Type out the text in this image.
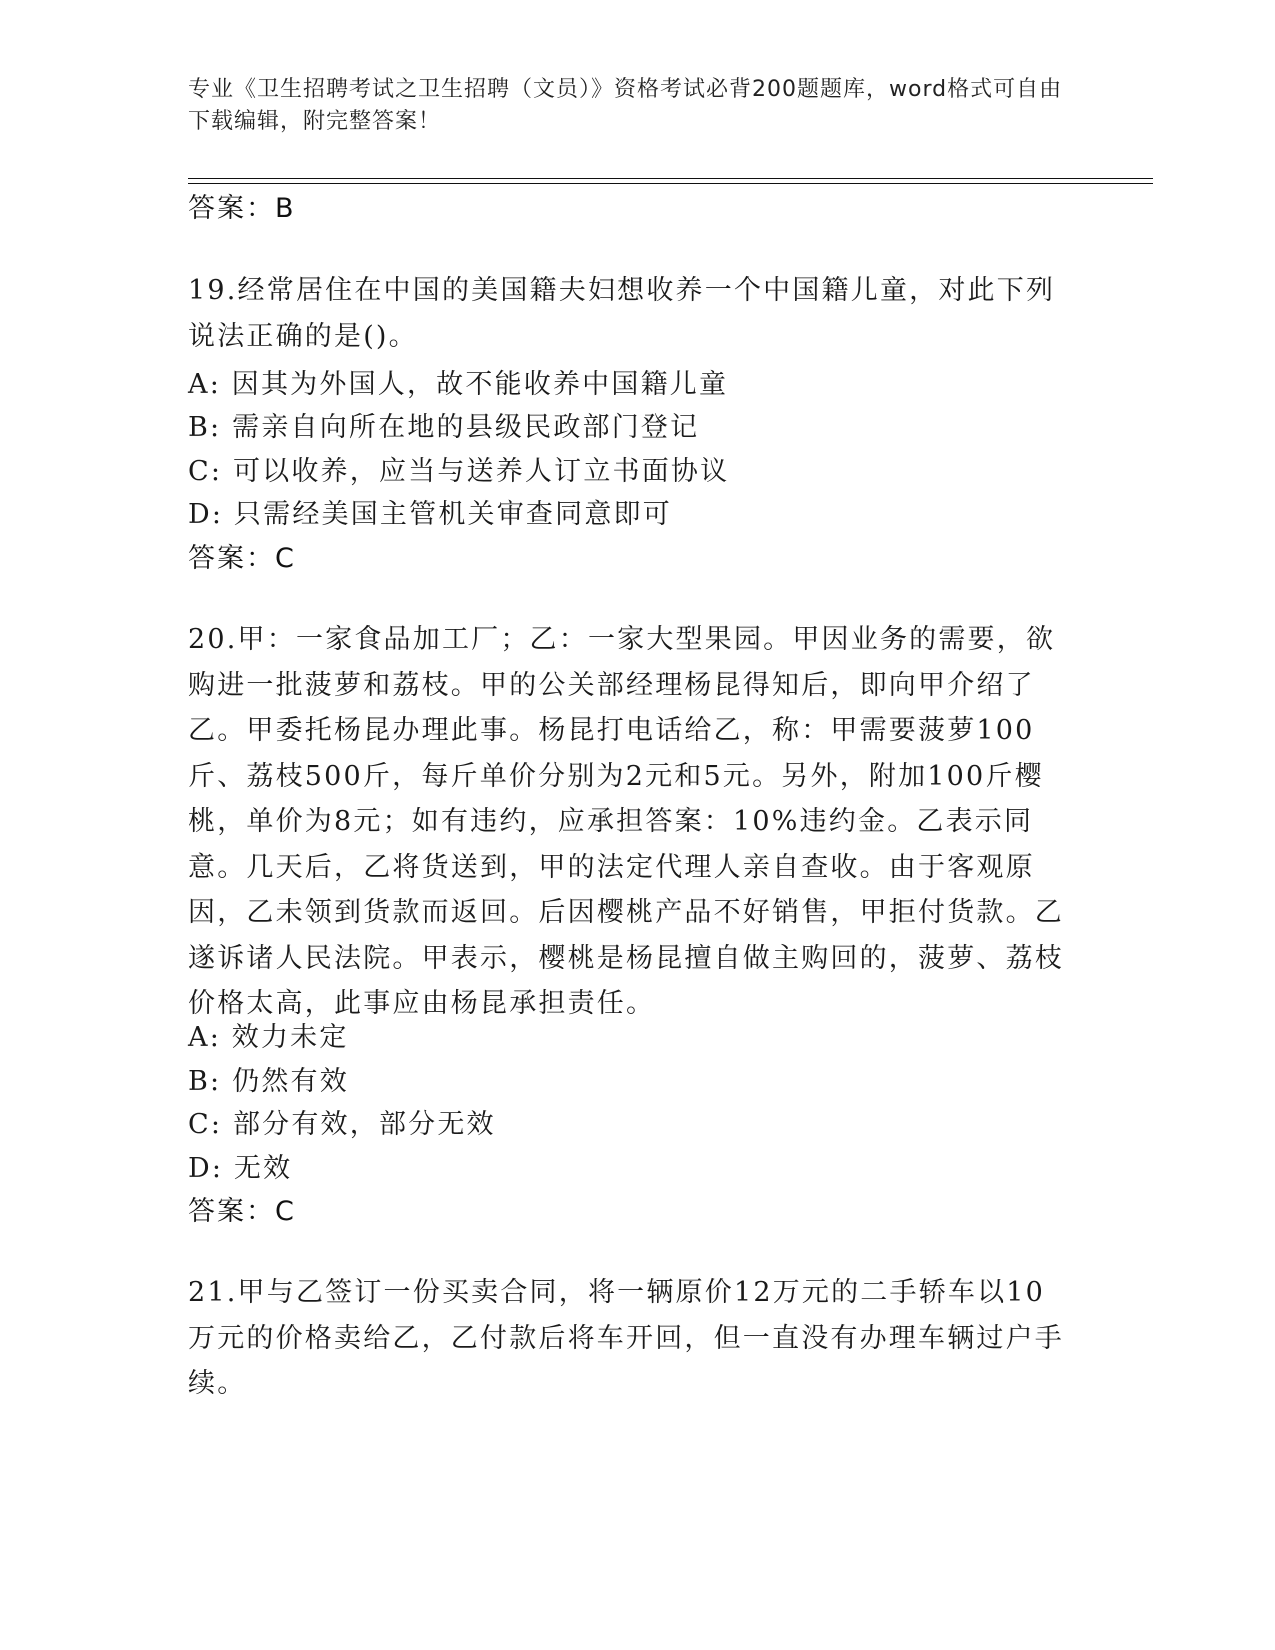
专业《卫生招聘考试之卫生招聘（文员）》资格考试必背200题题库，word格式可自由下载编辑，附完整答案！
答案：B
19.经常居住在中国的美国籍夫妇想收养一个中国籍儿童，对此下列说法正确的是()。
A: 因其为外国人，故不能收养中国籍儿童
B: 需亲自向所在地的县级民政部门登记
C: 可以收养，应当与送养人订立书面协议
D: 只需经美国主管机关审查同意即可
答案：C
20.甲：一家食品加工厂；乙：一家大型果园。甲因业务的需要，欲购进一批菠萝和荔枝。甲的公关部经理杨昆得知后，即向甲介绍了乙。甲委托杨昆办理此事。杨昆打电话给乙，称：甲需要菠萝100斤、荔枝500斤，每斤单价分别为2元和5元。另外，附加100斤樱桃，单价为8元；如有违约，应承担答案：10%违约金。乙表示同意。几天后，乙将货送到，甲的法定代理人亲自查收。由于客观原因，乙未领到货款而返回。后因樱桃产品不好销售，甲拒付货款。乙遂诉诸人民法院。甲表示，樱桃是杨昆擅自做主购回的，菠萝、荔枝价格太高，此事应由杨昆承担责任。
A: 效力未定
B: 仍然有效
C: 部分有效，部分无效
D: 无效
答案：C
21.甲与乙签订一份买卖合同，将一辆原价12万元的二手轿车以10万元的价格卖给乙，乙付款后将车开回，但一直没有办理车辆过户手续。
